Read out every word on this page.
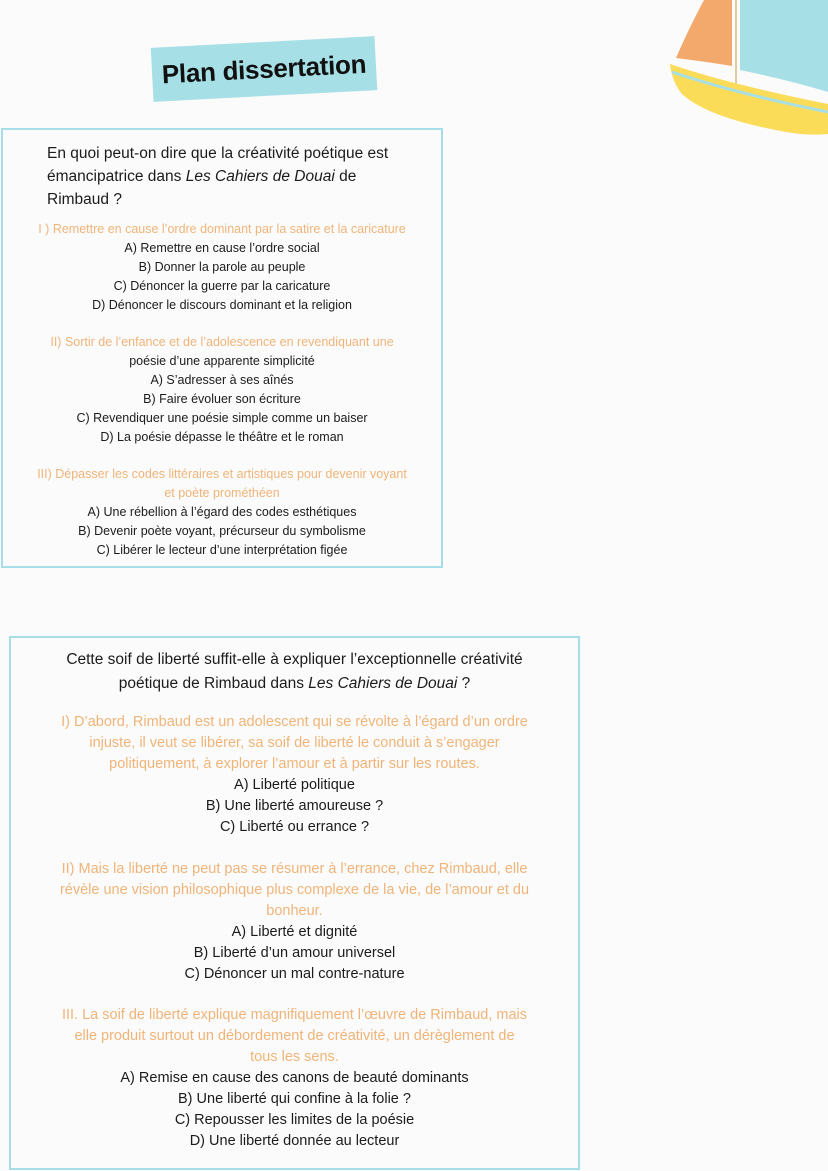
Plan dissertation
En quoi peut-on dire que la créativité poétique est
émancipatrice dans Les Cahiers de Douai de
Rimbaud ?
I ) Remettre en cause l’ordre dominant par la satire et la caricature
A) Remettre en cause l’ordre social
B) Donner la parole au peuple
C) Dénoncer la guerre par la caricature
D) Dénoncer le discours dominant et la religion
II) Sortir de l’enfance et de l’adolescence en revendiquant une
poésie d’une apparente simplicité
A) S’adresser à ses aînés
B) Faire évoluer son écriture
C) Revendiquer une poésie simple comme un baiser
D) La poésie dépasse le théâtre et le roman
III) Dépasser les codes littéraires et artistiques pour devenir voyant
et poète prométhéen
A) Une rébellion à l’égard des codes esthétiques
B) Devenir poète voyant, précurseur du symbolisme
C) Libérer le lecteur d’une interprétation figée
Cette soif de liberté suffit-elle à expliquer l’exceptionnelle créativité
poétique de Rimbaud dans Les Cahiers de Douai ?
I) D’abord, Rimbaud est un adolescent qui se révolte à l’égard d’un ordre
injuste, il veut se libérer, sa soif de liberté le conduit à s’engager
politiquement, à explorer l’amour et à partir sur les routes.
A) Liberté politique
B) Une liberté amoureuse ?
C) Liberté ou errance ?
II) Mais la liberté ne peut pas se résumer à l’errance, chez Rimbaud, elle
révèle une vision philosophique plus complexe de la vie, de l’amour et du
bonheur.
A) Liberté et dignité
B) Liberté d’un amour universel
C) Dénoncer un mal contre-nature
III. La soif de liberté explique magnifiquement l’œuvre de Rimbaud, mais
elle produit surtout un débordement de créativité, un dérèglement de
tous les sens.
A) Remise en cause des canons de beauté dominants
B) Une liberté qui confine à la folie ?
C) Repousser les limites de la poésie
D) Une liberté donnée au lecteur
